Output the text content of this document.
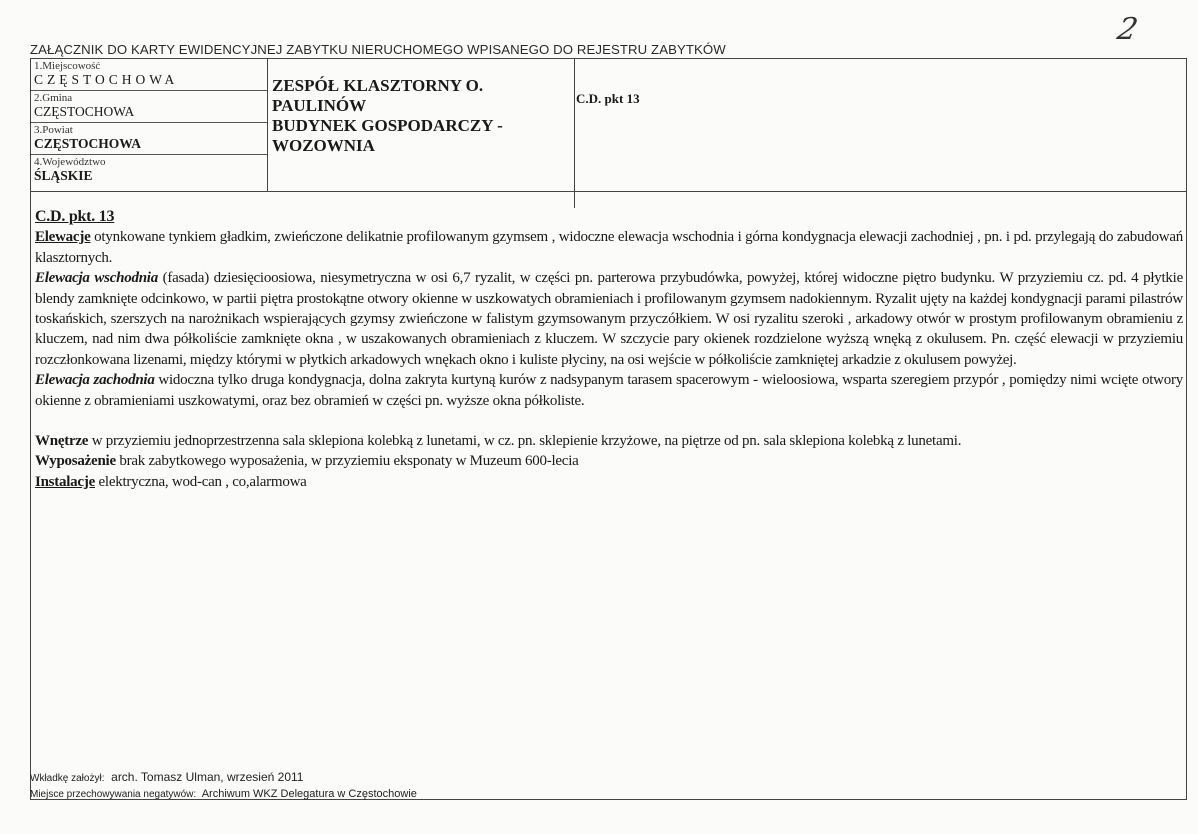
2
ZAŁĄCZNIK DO KARTY EWIDENCYJNEJ ZABYTKU NIERUCHOMEGO WPISANEGO DO REJESTRU ZABYTKÓW
1.Miejscowość
CZĘSTOCHOWA
2.Gmina
CZĘSTOCHOWA
3.Powiat
CZĘSTOCHOWA
4.Województwo
ŚLĄSKIE
ZESPÓŁ KLASZTORNY O.
PAULINÓW
BUDYNEK GOSPODARCZY -
WOZOWNIA
C.D. pkt 13

C.D. pkt. 13

Elewacje otynkowane tynkiem gładkim, zwieńczone delikatnie profilowanym gzymsem , widoczne elewacja wschodnia i górna kondygnacja elewacji zachodniej , pn. i pd. przylegają do zabudowań klasztornych.

Elewacja wschodnia (fasada) dziesięcioosiowa, niesymetryczna w osi 6,7 ryzalit, w części pn. parterowa przybudówka, powyżej, której widoczne piętro budynku. W przyziemiu cz. pd. 4 płytkie blendy zamknięte odcinkowo, w partii piętra prostokątne otwory okienne w uszkowatych obramieniach i profilowanym gzymsem nadokiennym. Ryzalit ujęty na każdej kondygnacji parami pilastrów toskańskich, szerszych na narożnikach wspierających gzymsy zwieńczone w falistym gzymsowanym przyczółkiem. W osi ryzalitu szeroki , arkadowy otwór w prostym profilowanym obramieniu z kluczem, nad nim dwa półkoliście zamknięte okna , w uszakowanych obramieniach z kluczem. W szczycie pary okienek rozdzielone wyższą wnęką z okulusem. Pn. część elewacji w przyziemiu rozczłonkowana lizenami, między którymi w płytkich arkadowych wnękach okno i kuliste płyciny, na osi wejście w półkoliście zamkniętej arkadzie z okulusem powyżej.

Elewacja zachodnia widoczna tylko druga kondygnacja, dolna zakryta kurtyną kurów z nadsypanym tarasem spacerowym - wieloosiowa, wsparta szeregiem przypór , pomiędzy nimi wcięte otwory okienne z obramieniami uszkowatymi, oraz bez obramień w części pn. wyższe okna półkoliste.

Wnętrze w przyziemiu jednoprzestrzenna sala sklepiona kolebką z lunetami, w cz. pn. sklepienie krzyżowe, na piętrze od pn. sala sklepiona kolebką z lunetami.

Wyposażenie brak zabytkowego wyposażenia, w przyziemiu eksponaty w Muzeum 600-lecia

Instalacje elektryczna, wod-can , co,alarmowa

Wkładkę założył: arch. Tomasz Ulman, wrzesień 2011
Miejsce przechowywania negatywów: Archiwum WKZ Delegatura w Częstochowie
